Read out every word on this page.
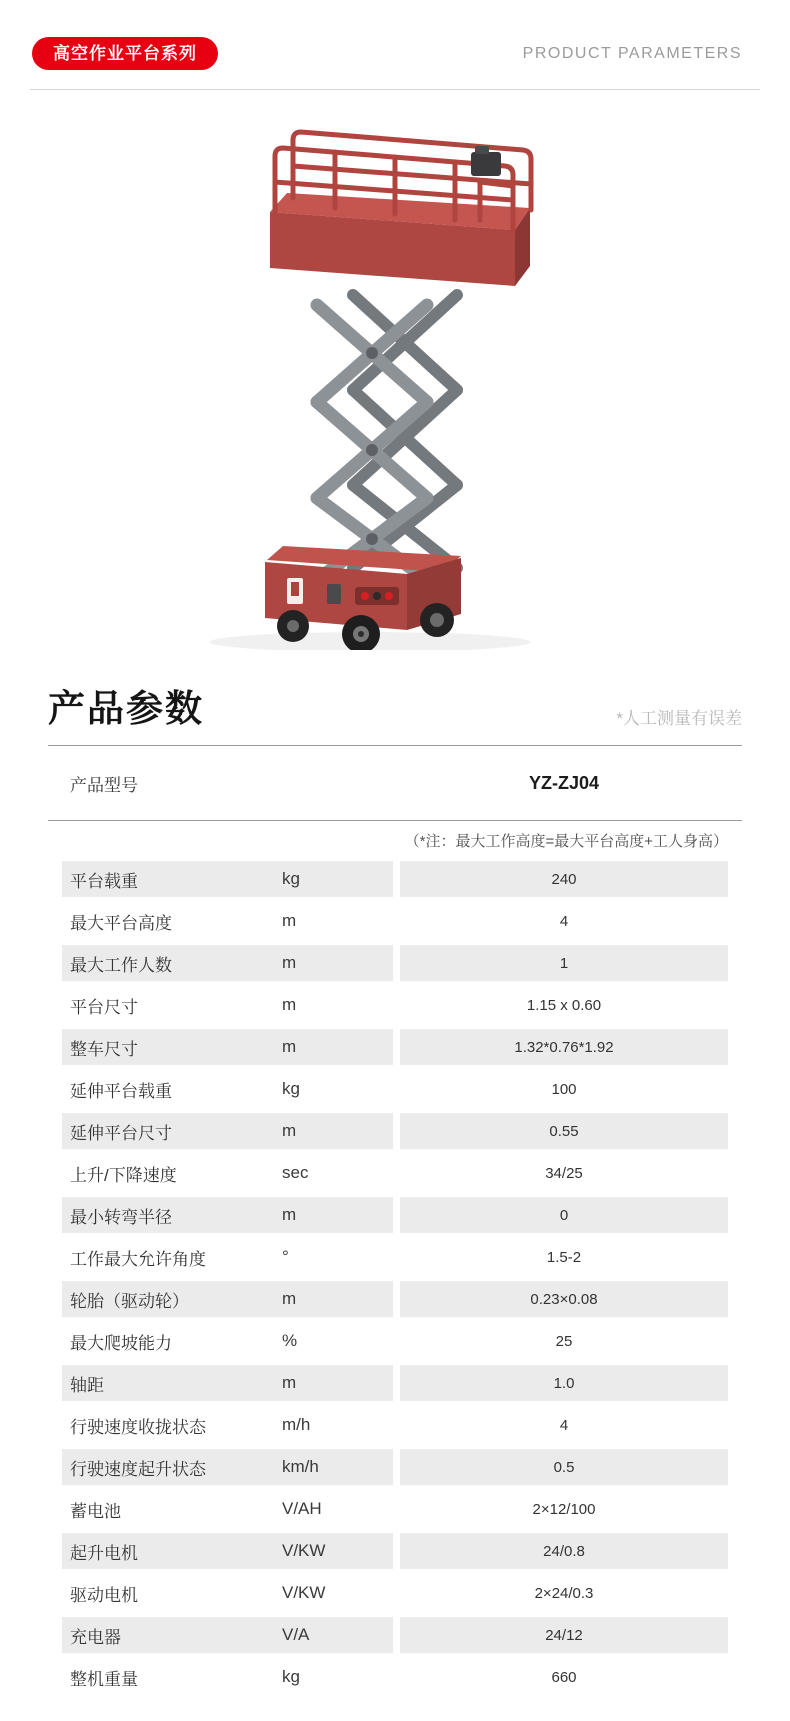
高空作业平台系列	PRODUCT PARAMETERS
产品参数	*人工测量有误差
产品型号	YZ-ZJ04
（*注：最大工作高度=最大平台高度+工人身高）
平台载重	kg	240
最大平台高度	m	4
最大工作人数	m	1
平台尺寸	m	1.15 x 0.60
整车尺寸	m	1.32*0.76*1.92
延伸平台载重	kg	100
延伸平台尺寸	m	0.55
上升/下降速度	sec	34/25
最小转弯半径	m	0
工作最大允许角度	°	1.5-2
轮胎（驱动轮）	m	0.23×0.08
最大爬坡能力	%	25
轴距	m	1.0
行驶速度收拢状态	m/h	4
行驶速度起升状态	km/h	0.5
蓄电池	V/AH	2×12/100
起升电机	V/KW	24/0.8
驱动电机	V/KW	2×24/0.3
充电器	V/A	24/12
整机重量	kg	660
